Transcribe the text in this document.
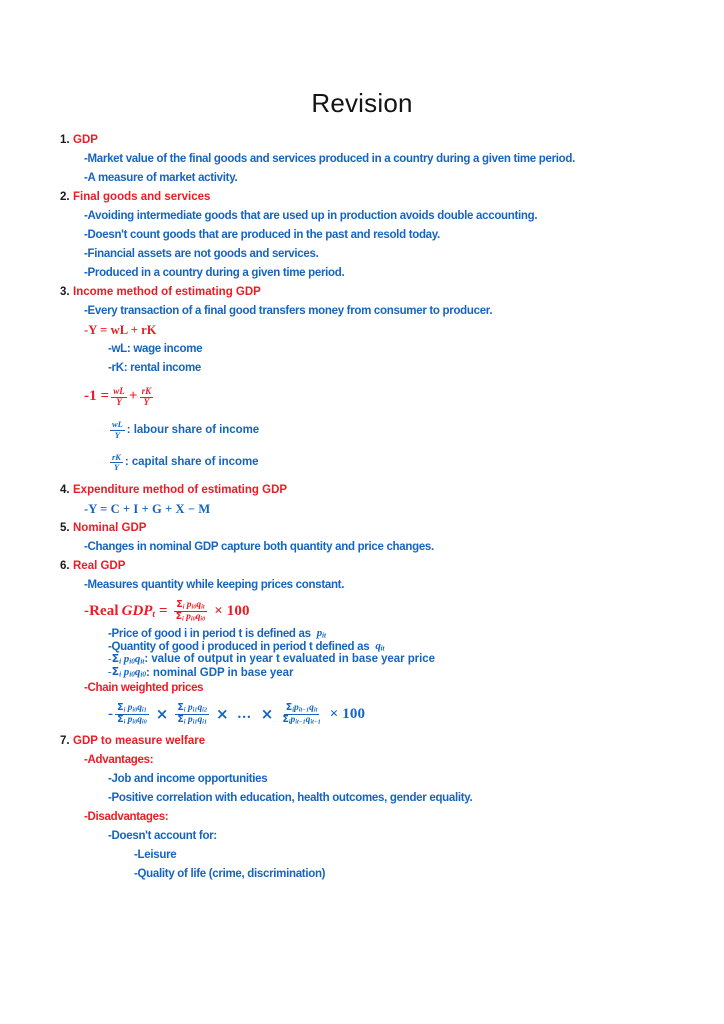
Revision
1. GDP
-Market value of the final goods and services produced in a country during a given time period.
-A measure of market activity.
2. Final goods and services
-Avoiding intermediate goods that are used up in production avoids double accounting.
-Doesn't count goods that are produced in the past and resold today.
-Financial assets are not goods and services.
-Produced in a country during a given time period.
3. Income method of estimating GDP
-Every transaction of a final good transfers money from consumer to producer.
-Y = wL + rK
-wL: wage income
-rK: rental income
$-1 = \frac{wL}{Y} + \frac{rK}{Y}$
$\frac{wL}{Y}$ : labour share of income
$\frac{rK}{Y}$ : capital share of income
4. Expenditure method of estimating GDP
-Y = C + I + G + X − M
5. Nominal GDP
-Changes in nominal GDP capture both quantity and price changes.
6. Real GDP
-Measures quantity while keeping prices constant.
-Real GDP $t = \frac{\Sigma_i p_{i0}q_{it}}{\Sigma_i p_{i0}q_{i0}} \times 100$
-Price of good i in period t is defined as $p_{it}$
-Quantity of good i produced in period t defined as $q_{it}$
$-\Sigma_i$ $p_{i0}q_{it}$ : value of output in year t evaluated in base year price
$-\Sigma_i$ $p_{i0}q_{i0}$ : nominal GDP in base year
-Chain weighted prices
- $\frac{\Sigma_i p_{i0}q_{i1}}{\Sigma_i p_{i0}q_{i0}} \times \frac{\Sigma_i p_{i1}q_{i2}}{\Sigma_i p_{i1}q_{i1}}$ × ... × $\frac{\Sigma_ip_{it-1}q_{it}}{\Sigma_ip_{it-1}q_{it-1}} \times 100$
7. GDP to measure welfare
-Advantages:
-Job and income opportunities
-Positive correlation with education, health outcomes, gender equality.
-Disadvantages:
-Doesn't account for:
-Leisure
-Quality of life (crime, discrimination)
